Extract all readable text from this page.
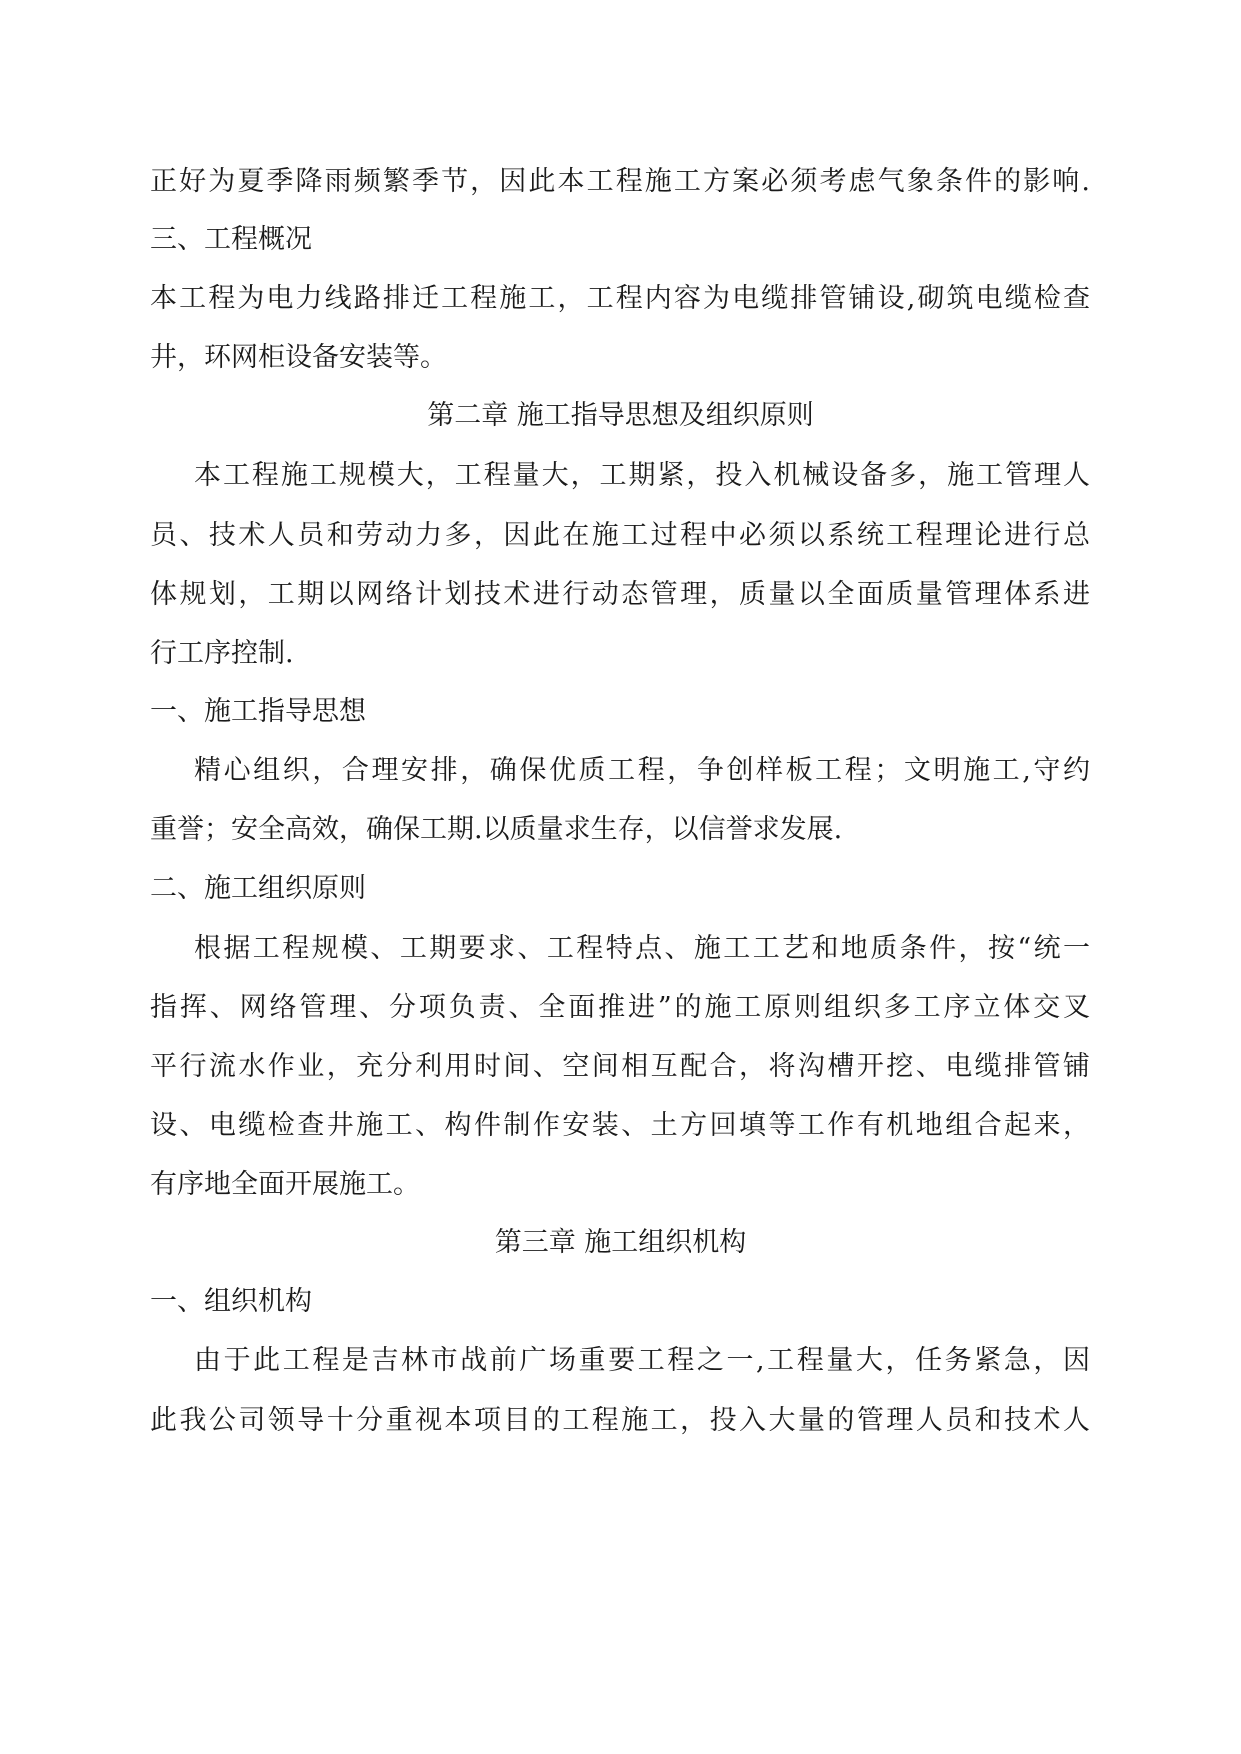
正好为夏季降雨频繁季节，因此本工程施工方案必须考虑气象条件的影响.
三、工程概况
本工程为电力线路排迁工程施工，工程内容为电缆排管铺设,砌筑电缆检查
井，环网柜设备安装等。
第二章 施工指导思想及组织原则
本工程施工规模大，工程量大，工期紧，投入机械设备多，施工管理人
员、技术人员和劳动力多，因此在施工过程中必须以系统工程理论进行总
体规划，工期以网络计划技术进行动态管理，质量以全面质量管理体系进
行工序控制.
一、施工指导思想
精心组织，合理安排，确保优质工程，争创样板工程；文明施工,守约
重誉；安全高效，确保工期.以质量求生存，以信誉求发展.
二、施工组织原则
根据工程规模、工期要求、工程特点、施工工艺和地质条件，按“统一
指挥、网络管理、分项负责、全面推进”的施工原则组织多工序立体交叉
平行流水作业，充分利用时间、空间相互配合，将沟槽开挖、电缆排管铺
设、电缆检查井施工、构件制作安装、土方回填等工作有机地组合起来，
有序地全面开展施工。
第三章 施工组织机构
一、组织机构
由于此工程是吉林市战前广场重要工程之一,工程量大，任务紧急，因
此我公司领导十分重视本项目的工程施工，投入大量的管理人员和技术人
